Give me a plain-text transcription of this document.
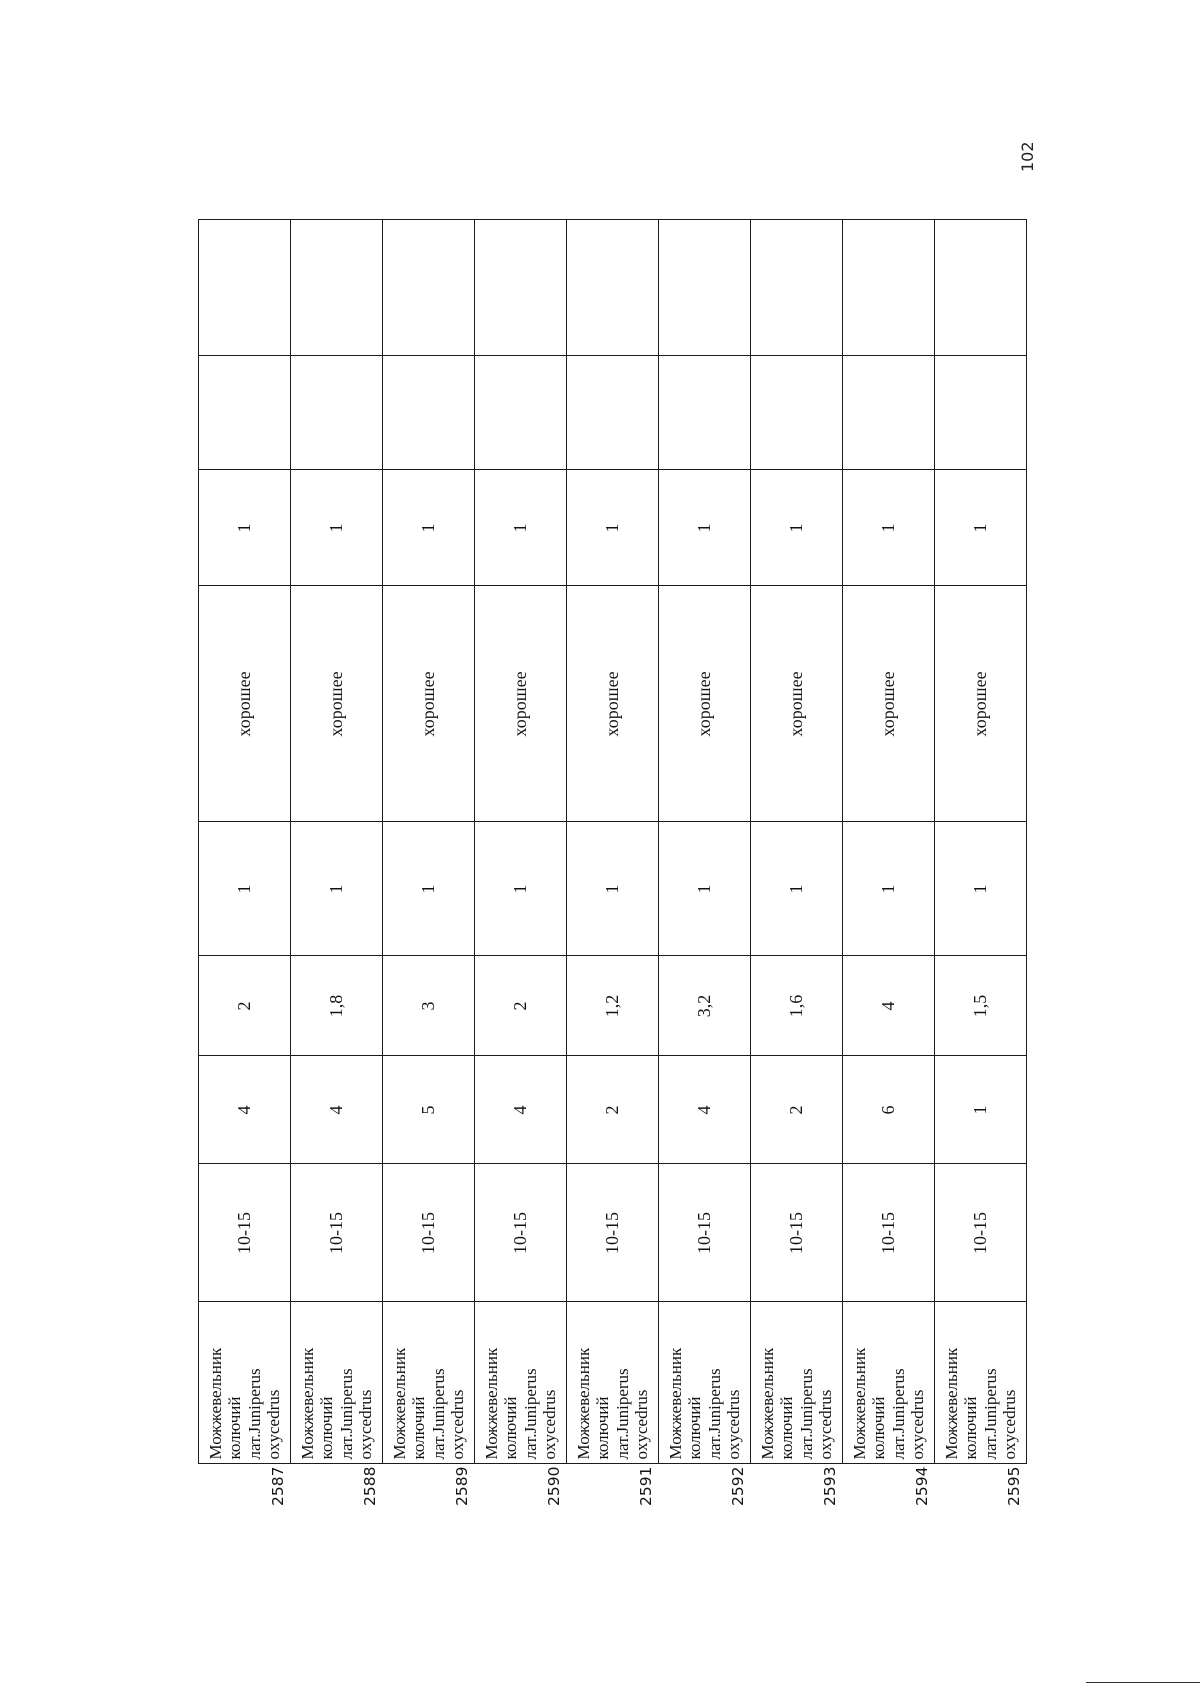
102
2587	Можжевельник колючий лат.Juniperus oxycedrus	10-15	4	2	1	хорошее	1		
2588	Можжевельник колючий лат.Juniperus oxycedrus	10-15	4	1,8	1	хорошее	1		
2589	Можжевельник колючий лат.Juniperus oxycedrus	10-15	5	3	1	хорошее	1		
2590	Можжевельник колючий лат.Juniperus oxycedrus	10-15	4	2	1	хорошее	1		
2591	Можжевельник колючий лат.Juniperus oxycedrus	10-15	2	1,2	1	хорошее	1		
2592	Можжевельник колючий лат.Juniperus oxycedrus	10-15	4	3,2	1	хорошее	1		
2593	Можжевельник колючий лат.Juniperus oxycedrus	10-15	2	1,6	1	хорошее	1		
2594	Можжевельник колючий лат.Juniperus oxycedrus	10-15	6	4	1	хорошее	1		
2595	Можжевельник колючий лат.Juniperus oxycedrus	10-15	1	1,5	1	хорошее	1		
